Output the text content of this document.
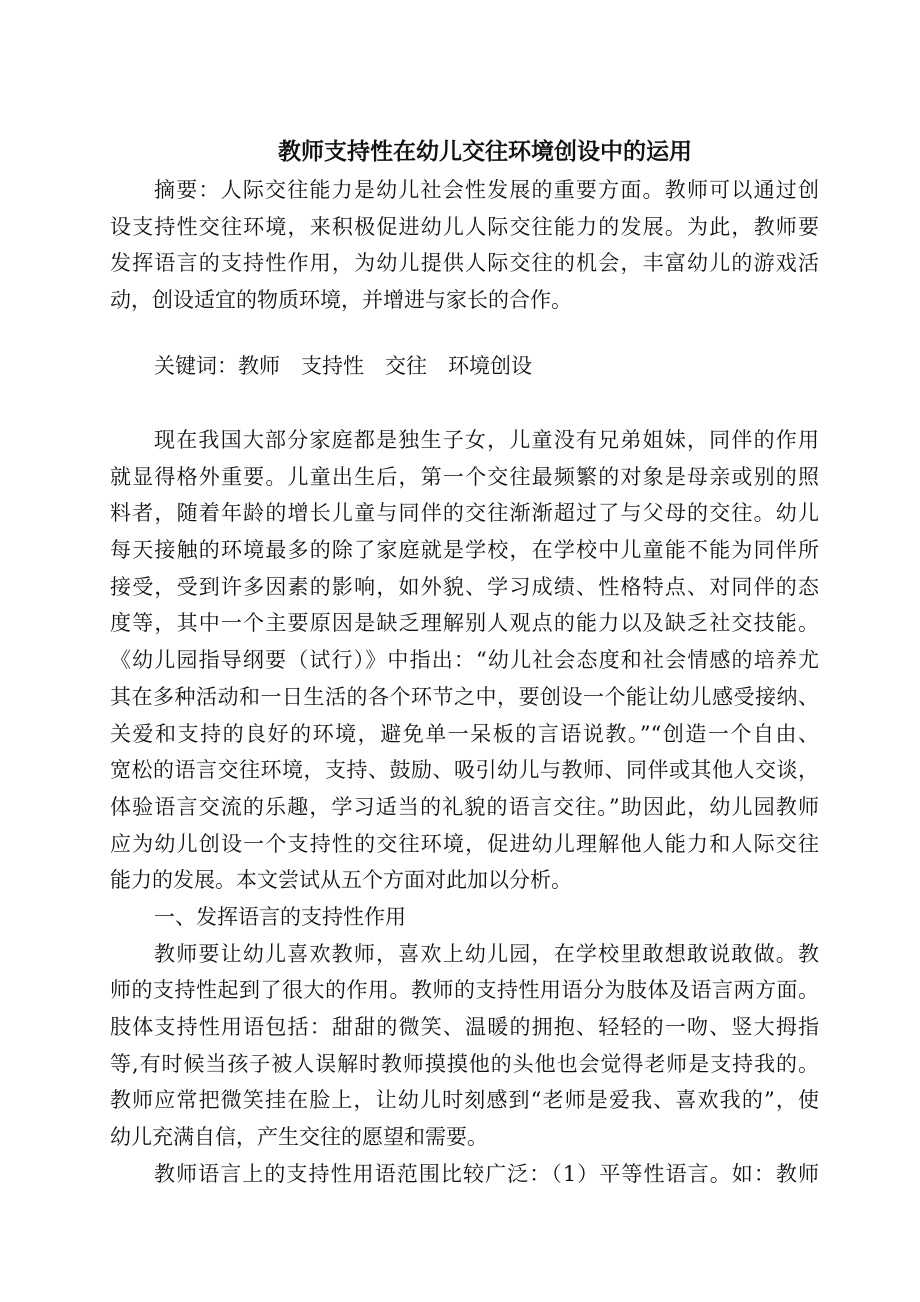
教师支持性在幼儿交往环境创设中的运用
摘要：人际交往能力是幼儿社会性发展的重要方面。教师可以通过创
设支持性交往环境，来积极促进幼儿人际交往能力的发展。为此，教师要
发挥语言的支持性作用，为幼儿提供人际交往的机会，丰富幼儿的游戏活
动，创设适宜的物质环境，并增进与家长的合作。
关键词：教师　支持性　交往　环境创设
现在我国大部分家庭都是独生子女，儿童没有兄弟姐妹，同伴的作用
就显得格外重要。儿童出生后，第一个交往最频繁的对象是母亲或别的照
料者，随着年龄的增长儿童与同伴的交往渐渐超过了与父母的交往。幼儿
每天接触的环境最多的除了家庭就是学校，在学校中儿童能不能为同伴所
接受，受到许多因素的影响，如外貌、学习成绩、性格特点、对同伴的态
度等，其中一个主要原因是缺乏理解别人观点的能力以及缺乏社交技能。
《幼儿园指导纲要（试行）》中指出：“幼儿社会态度和社会情感的培养尤
其在多种活动和一日生活的各个环节之中，要创设一个能让幼儿感受接纳、
关爱和支持的良好的环境，避免单一呆板的言语说教。”“创造一个自由、
宽松的语言交往环境，支持、鼓励、吸引幼儿与教师、同伴或其他人交谈，
体验语言交流的乐趣，学习适当的礼貌的语言交往。”助因此，幼儿园教师
应为幼儿创设一个支持性的交往环境，促进幼儿理解他人能力和人际交往
能力的发展。本文尝试从五个方面对此加以分析。
一、发挥语言的支持性作用
教师要让幼儿喜欢教师，喜欢上幼儿园，在学校里敢想敢说敢做。教
师的支持性起到了很大的作用。教师的支持性用语分为肢体及语言两方面。
肢体支持性用语包括：甜甜的微笑、温暖的拥抱、轻轻的一吻、竖大拇指
等,有时候当孩子被人误解时教师摸摸他的头他也会觉得老师是支持我的。
教师应常把微笑挂在脸上，让幼儿时刻感到“老师是爱我、喜欢我的”，使
幼儿充满自信，产生交往的愿望和需要。
教师语言上的支持性用语范围比较广泛：（1）平等性语言。如：教师
